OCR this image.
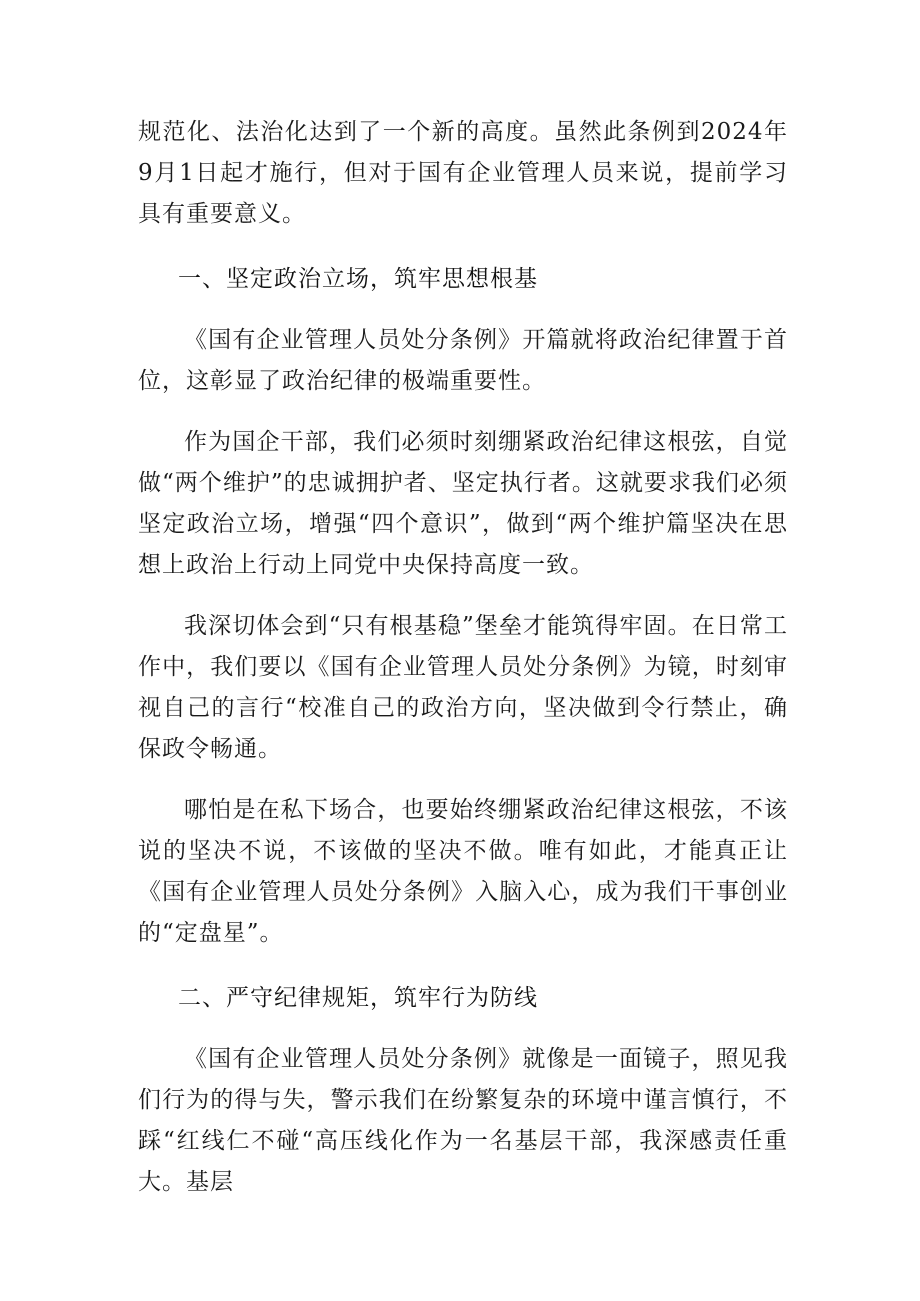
规范化、法治化达到了一个新的高度。虽然此条例到2024年9月1日起才施行，但对于国有企业管理人员来说，提前学习具有重要意义。

一、坚定政治立场，筑牢思想根基

《国有企业管理人员处分条例》开篇就将政治纪律置于首位，这彰显了政治纪律的极端重要性。

作为国企干部，我们必须时刻绷紧政治纪律这根弦，自觉做“两个维护”的忠诚拥护者、坚定执行者。这就要求我们必须坚定政治立场，增强“四个意识”，做到“两个维护篇坚决在思想上政治上行动上同党中央保持高度一致。

我深切体会到“只有根基稳”堡垒才能筑得牢固。在日常工作中，我们要以《国有企业管理人员处分条例》为镜，时刻审视自己的言行“校准自己的政治方向，坚决做到令行禁止，确保政令畅通。

哪怕是在私下场合，也要始终绷紧政治纪律这根弦，不该说的坚决不说，不该做的坚决不做。唯有如此，才能真正让《国有企业管理人员处分条例》入脑入心，成为我们干事创业的“定盘星”。

二、严守纪律规矩，筑牢行为防线

《国有企业管理人员处分条例》就像是一面镜子，照见我们行为的得与失，警示我们在纷繁复杂的环境中谨言慎行，不踩“红线仁不碰“高压线化作为一名基层干部，我深感责任重大。基层
